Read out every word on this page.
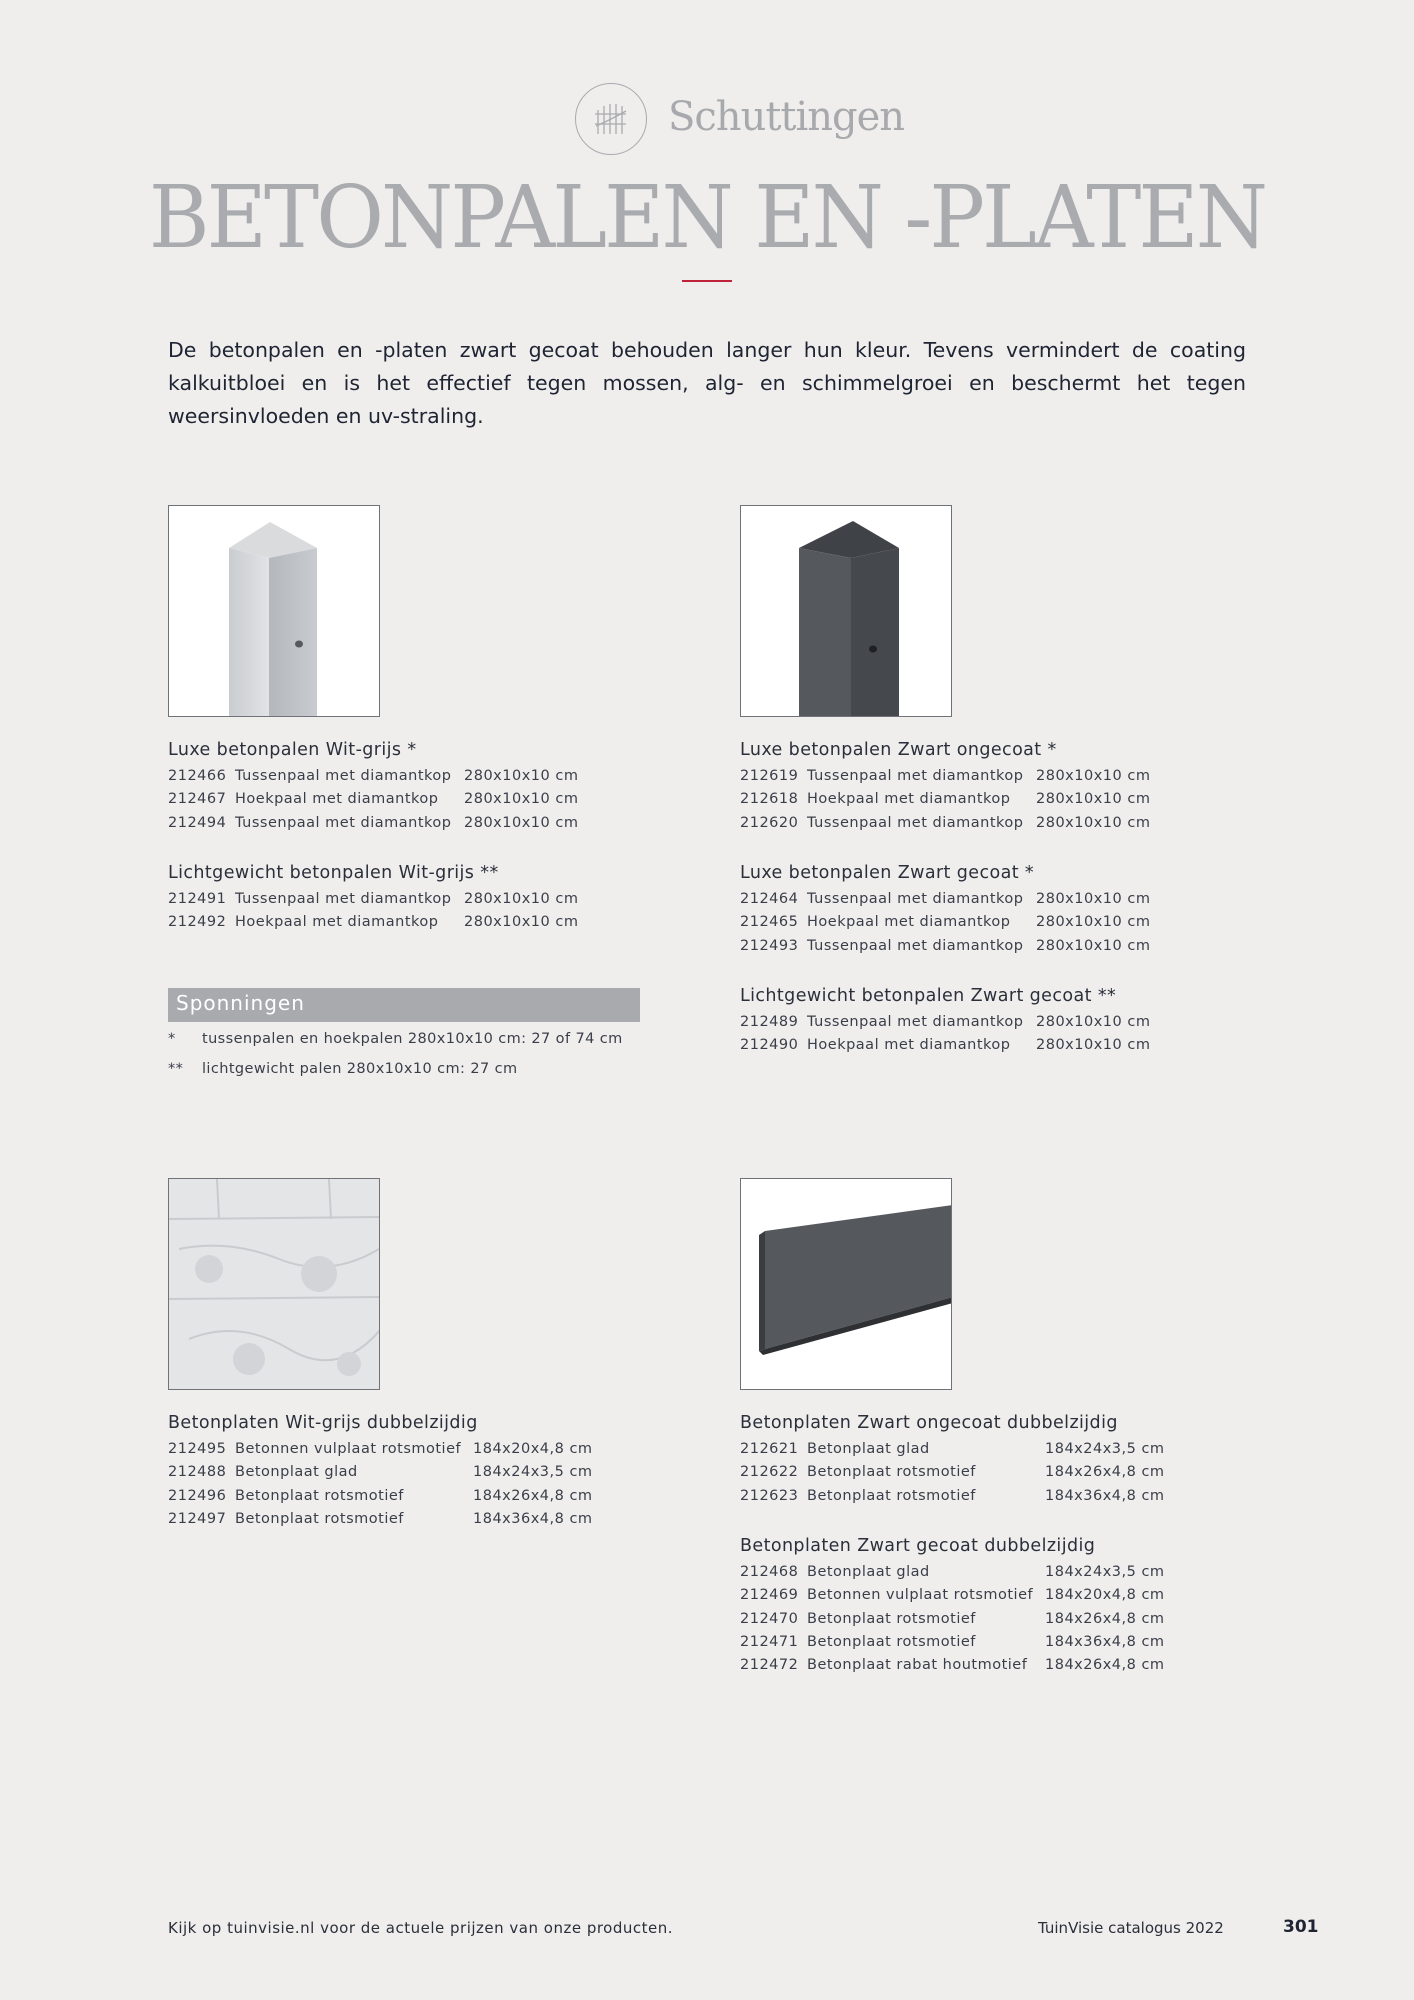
Schuttingen
BETONPALEN EN -PLATEN
De betonpalen en -platen zwart gecoat behouden langer hun kleur. Tevens vermindert de coating kalkuitbloei en is het effectief tegen mossen, alg- en schimmelgroei en beschermt het tegen weersinvloeden en uv-straling.
Luxe betonpalen Wit-grijs *
212466 Tussenpaal met diamantkop 280x10x10 cm
212467 Hoekpaal met diamantkop 280x10x10 cm
212494 Tussenpaal met diamantkop 280x10x10 cm
Lichtgewicht betonpalen Wit-grijs **
212491 Tussenpaal met diamantkop 280x10x10 cm
212492 Hoekpaal met diamantkop 280x10x10 cm
Sponningen
* tussenpalen en hoekpalen 280x10x10 cm: 27 of 74 cm
** lichtgewicht palen 280x10x10 cm: 27 cm
Luxe betonpalen Zwart ongecoat *
212619 Tussenpaal met diamantkop 280x10x10 cm
212618 Hoekpaal met diamantkop 280x10x10 cm
212620 Tussenpaal met diamantkop 280x10x10 cm
Luxe betonpalen Zwart gecoat *
212464 Tussenpaal met diamantkop 280x10x10 cm
212465 Hoekpaal met diamantkop 280x10x10 cm
212493 Tussenpaal met diamantkop 280x10x10 cm
Lichtgewicht betonpalen Zwart gecoat **
212489 Tussenpaal met diamantkop 280x10x10 cm
212490 Hoekpaal met diamantkop 280x10x10 cm
Betonplaten Wit-grijs dubbelzijdig
212495 Betonnen vulplaat rotsmotief 184x20x4,8 cm
212488 Betonplaat glad	184x24x3,5 cm
212496 Betonplaat rotsmotief	184x26x4,8 cm
212497 Betonplaat rotsmotief	184x36x4,8 cm
Betonplaten Zwart ongecoat dubbelzijdig
212621 Betonplaat glad	184x24x3,5 cm
212622 Betonplaat rotsmotief	184x26x4,8 cm
212623 Betonplaat rotsmotief	184x36x4,8 cm
Betonplaten Zwart gecoat dubbelzijdig
212468 Betonplaat glad	184x24x3,5 cm
212469 Betonnen vulplaat rotsmotief 184x20x4,8 cm
212470 Betonplaat rotsmotief	184x26x4,8 cm
212471 Betonplaat rotsmotief	184x36x4,8 cm
212472 Betonplaat rabat houtmotief 184x26x4,8 cm
Kijk op tuinvisie.nl voor de actuele prijzen van onze producten.	TuinVisie catalogus 2022	301
